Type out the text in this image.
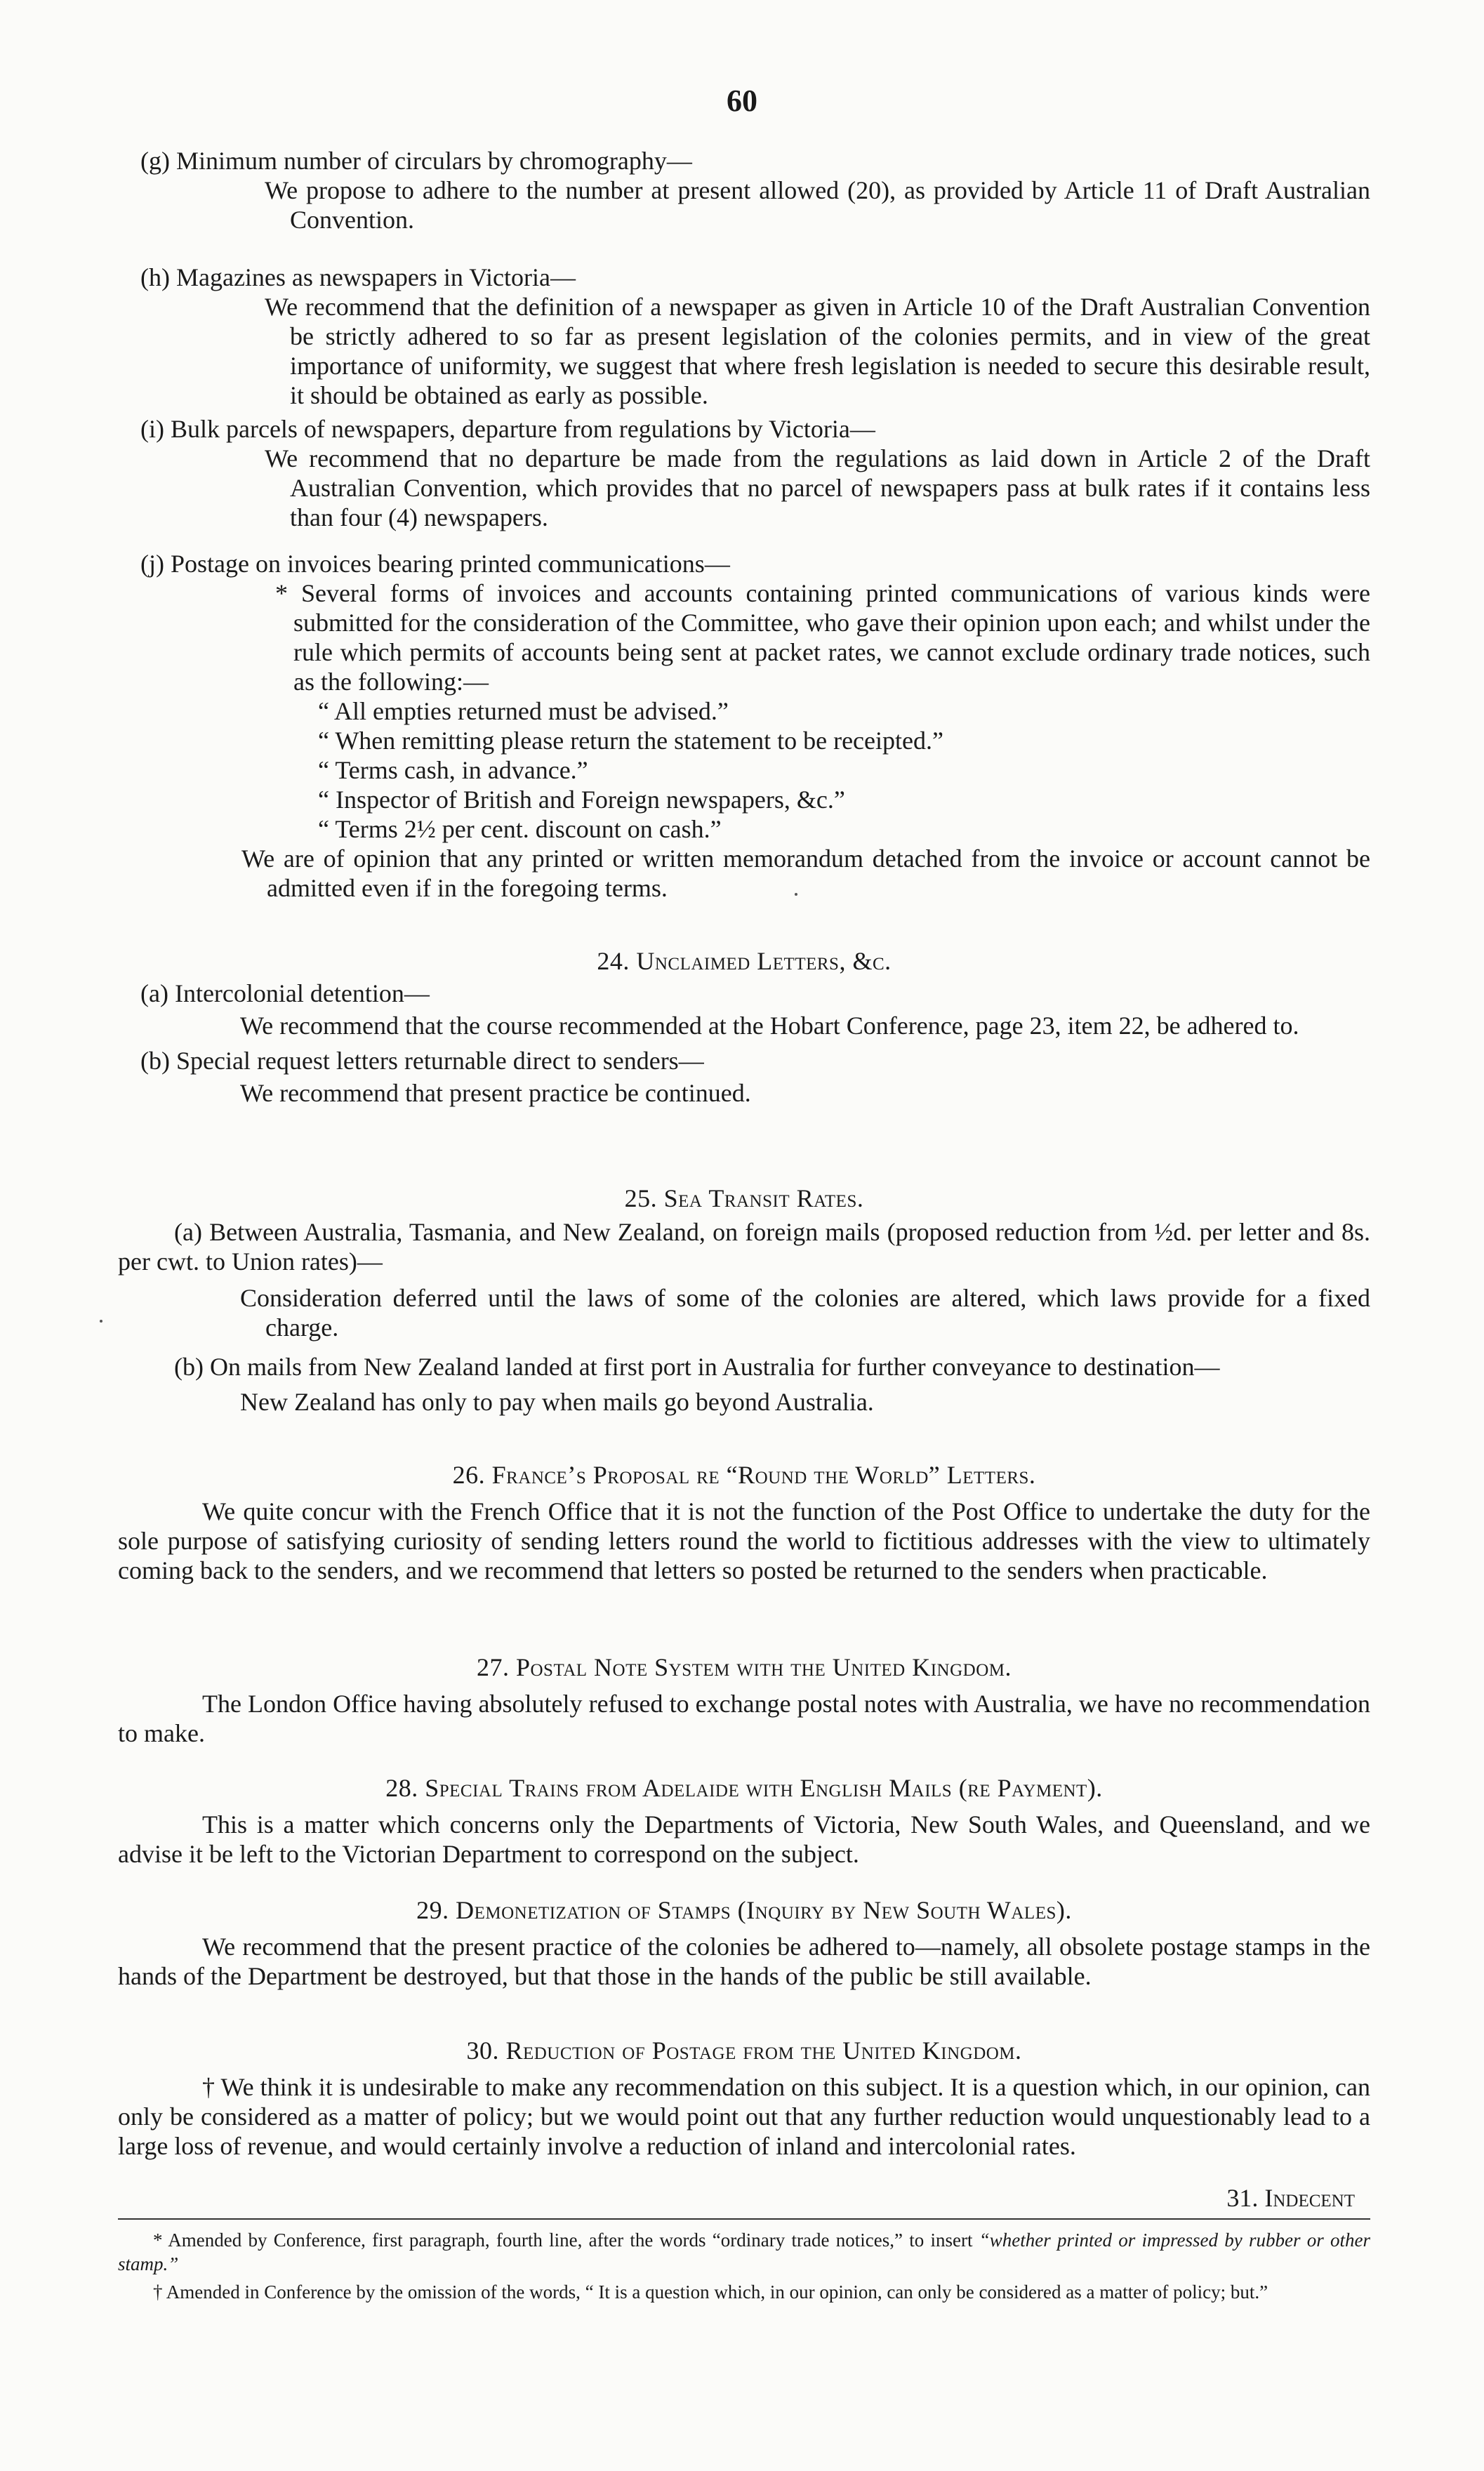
60
(g) Minimum number of circulars by chromography—
We propose to adhere to the number at present allowed (20), as provided by Article 11 of Draft Australian Convention.
(h) Magazines as newspapers in Victoria—
We recommend that the definition of a newspaper as given in Article 10 of the Draft Australian Convention be strictly adhered to so far as present legislation of the colonies permits, and in view of the great importance of uniformity, we suggest that where fresh legislation is needed to secure this desirable result, it should be obtained as early as possible.
(i) Bulk parcels of newspapers, departure from regulations by Victoria—
We recommend that no departure be made from the regulations as laid down in Article 2 of the Draft Australian Convention, which provides that no parcel of newspapers pass at bulk rates if it contains less than four (4) newspapers.
(j) Postage on invoices bearing printed communications—
* Several forms of invoices and accounts containing printed communications of various kinds were submitted for the consideration of the Committee, who gave their opinion upon each; and whilst under the rule which permits of accounts being sent at packet rates, we cannot exclude ordinary trade notices, such as the following:—
“ All empties returned must be advised.”
“ When remitting please return the statement to be receipted.”
“ Terms cash, in advance.”
“ Inspector of British and Foreign newspapers, &c.”
“ Terms 2½ per cent. discount on cash.”
We are of opinion that any printed or written memorandum detached from the invoice or account cannot be admitted even if in the foregoing terms.
24. Unclaimed Letters, &c.
(a) Intercolonial detention—
We recommend that the course recommended at the Hobart Conference, page 23, item 22, be adhered to.
(b) Special request letters returnable direct to senders—
We recommend that present practice be continued.
25. Sea Transit Rates.
(a) Between Australia, Tasmania, and New Zealand, on foreign mails (proposed reduction from ½d. per letter and 8s. per cwt. to Union rates)—
Consideration deferred until the laws of some of the colonies are altered, which laws provide for a fixed charge.
(b) On mails from New Zealand landed at first port in Australia for further conveyance to destination—
New Zealand has only to pay when mails go beyond Australia.
26. France’s Proposal re “Round the World” Letters.
We quite concur with the French Office that it is not the function of the Post Office to undertake the duty for the sole purpose of satisfying curiosity of sending letters round the world to fictitious addresses with the view to ultimately coming back to the senders, and we recommend that letters so posted be returned to the senders when practicable.
27. Postal Note System with the United Kingdom.
The London Office having absolutely refused to exchange postal notes with Australia, we have no recommendation to make.
28. Special Trains from Adelaide with English Mails (re Payment).
This is a matter which concerns only the Departments of Victoria, New South Wales, and Queensland, and we advise it be left to the Victorian Department to correspond on the subject.
29. Demonetization of Stamps (Inquiry by New South Wales).
We recommend that the present practice of the colonies be adhered to—namely, all obsolete postage stamps in the hands of the Department be destroyed, but that those in the hands of the public be still available.
30. Reduction of Postage from the United Kingdom.
† We think it is undesirable to make any recommendation on this subject. It is a question which, in our opinion, can only be considered as a matter of policy; but we would point out that any further reduction would unquestionably lead to a large loss of revenue, and would certainly involve a reduction of inland and intercolonial rates.
31. Indecent
* Amended by Conference, first paragraph, fourth line, after the words “ordinary trade notices,” to insert “whether printed or impressed by rubber or other stamp.”
† Amended in Conference by the omission of the words, “ It is a question which, in our opinion, can only be considered as a matter of policy; but.”
